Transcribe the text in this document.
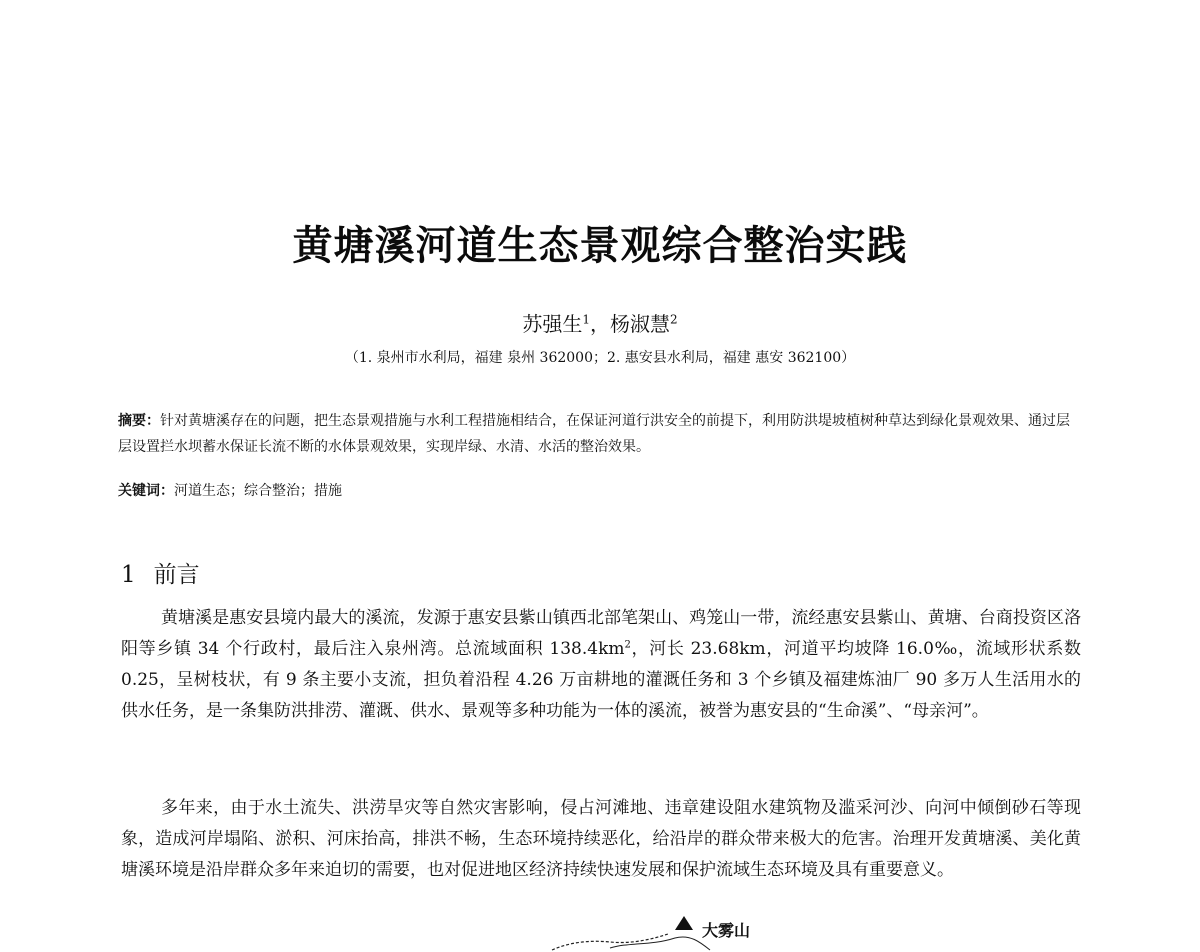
黄塘溪河道生态景观综合整治实践
苏强生$^1$，杨淑慧$^2$
（1. 泉州市水利局，福建 泉州 362000；2. 惠安县水利局，福建 惠安 362100）
摘要：针对黄塘溪存在的问题，把生态景观措施与水利工程措施相结合，在保证河道行洪安全的前提下，利用防洪堤坡植树种草达到绿化景观效果、通过层层设置拦水坝蓄水保证长流不断的水体景观效果，实现岸绿、水清、水活的整治效果。
关键词：河道生态；综合整治；措施
1 前言

黄塘溪是惠安县境内最大的溪流，发源于惠安县紫山镇西北部笔架山、鸡笼山一带，流经惠安县紫山、黄塘、台商投资区洛阳等乡镇 34 个行政村，最后注入泉州湾。总流域面积 $138.4km^2$，河长 23.68km，河道平均坡降 16.0‰，流域形状系数 0.25，呈树枝状，有 9 条主要小支流，担负着沿程 4.26 万亩耕地的灌溉任务和 3 个乡镇及福建炼油厂 90 多万人生活用水的供水任务，是一条集防洪排涝、灌溉、供水、景观等多种功能为一体的溪流，被誉为惠安县的“生命溪”、“母亲河”。

多年来，由于水土流失、洪涝旱灾等自然灾害影响，侵占河滩地、违章建设阻水建筑物及滥采河沙、向河中倾倒砂石等现象，造成河岸塌陷、淤积、河床抬高，排洪不畅，生态环境持续恶化，给沿岸的群众带来极大的危害。治理开发黄塘溪、美化黄塘溪环境是沿岸群众多年来迫切的需要，也对促进地区经济持续快速发展和保护流域生态环境及具有重要意义。

大雾山
